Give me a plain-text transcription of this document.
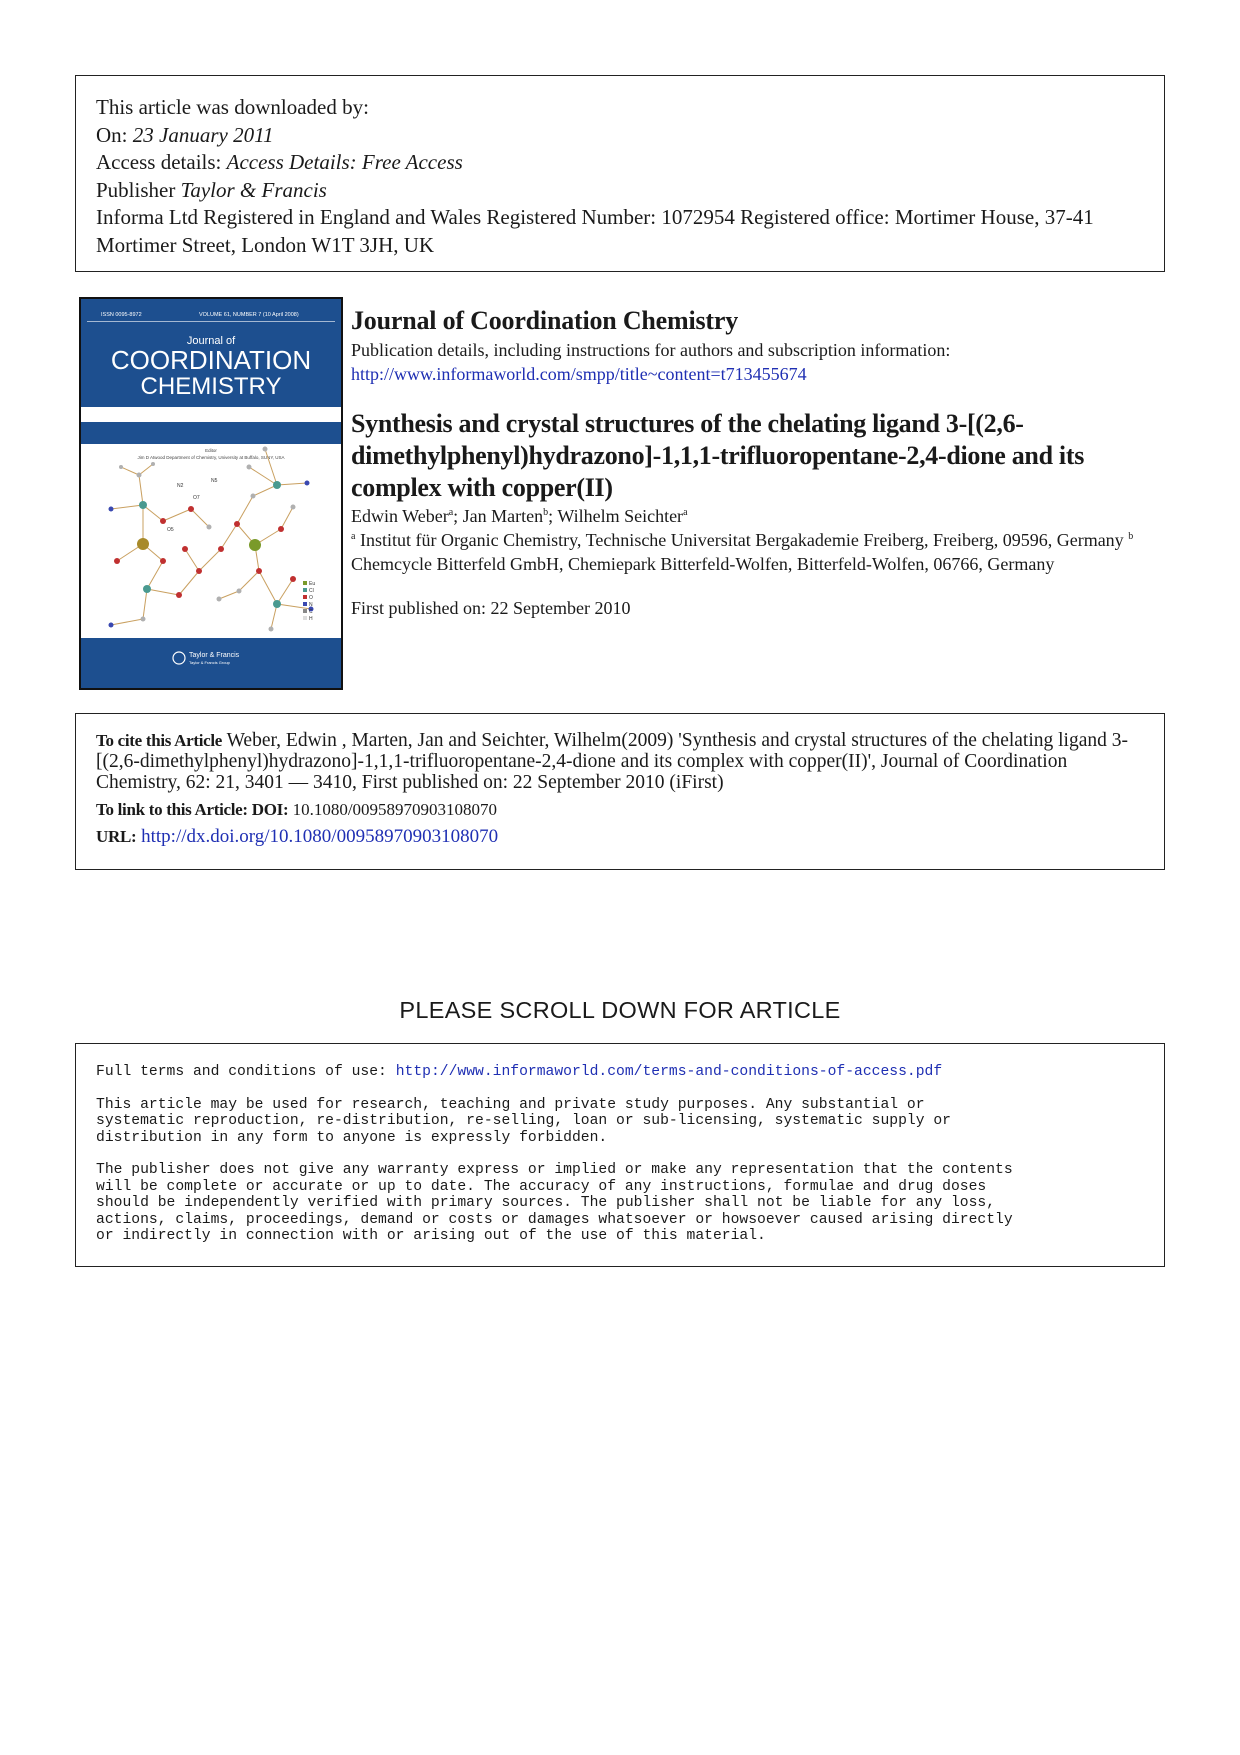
This article was downloaded by:
On: 23 January 2011
Access details: Access Details: Free Access
Publisher Taylor & Francis
Informa Ltd Registered in England and Wales Registered Number: 1072954 Registered office: Mortimer House, 37-41 Mortimer Street, London W1T 3JH, UK
ISSN 0095-8972	VOLUME 61, NUMBER 7 (10 April 2008)
Journal of
COORDINATION
CHEMISTRY
Editor
Jim D Atwood Department of Chemistry, University at Buffalo, SUNY, USA
N2
N5
O7
O5
Eu
Cl
O
N
C
H
Taylor & Francis
Taylor & Francis Group
Journal of Coordination Chemistry
Publication details, including instructions for authors and subscription information:
http://www.informaworld.com/smpp/title~content=t713455674
Synthesis and crystal structures of the chelating ligand 3-[(2,6-dimethylphenyl)hydrazono]-1,1,1-trifluoropentane-2,4-dione and its complex with copper(II)
Edwin Weber$^a$; Jan Marten$^b$; Wilhelm Seichter$^a$
$^a$ Institut für Organic Chemistry, Technische Universitat Bergakademie Freiberg, Freiberg, 09596, Germany $^b$ Chemcycle Bitterfeld GmbH, Chemiepark Bitterfeld-Wolfen, Bitterfeld-Wolfen, 06766, Germany
First published on: 22 September 2010
To cite this Article Weber, Edwin , Marten, Jan and Seichter, Wilhelm(2009) 'Synthesis and crystal structures of the chelating ligand 3-[(2,6-dimethylphenyl)hydrazono]-1,1,1-trifluoropentane-2,4-dione and its complex with copper(II)', Journal of Coordination Chemistry, 62: 21, 3401 — 3410, First published on: 22 September 2010 (iFirst)
To link to this Article: DOI: 10.1080/00958970903108070
URL: http://dx.doi.org/10.1080/00958970903108070
PLEASE SCROLL DOWN FOR ARTICLE

Full terms and conditions of use: http://www.informaworld.com/terms-and-conditions-of-access.pdf

This article may be used for research, teaching and private study purposes. Any substantial or
systematic reproduction, re-distribution, re-selling, loan or sub-licensing, systematic supply or
distribution in any form to anyone is expressly forbidden.

The publisher does not give any warranty express or implied or make any representation that the contents
will be complete or accurate or up to date. The accuracy of any instructions, formulae and drug doses
should be independently verified with primary sources. The publisher shall not be liable for any loss,
actions, claims, proceedings, demand or costs or damages whatsoever or howsoever caused arising directly
or indirectly in connection with or arising out of the use of this material.
